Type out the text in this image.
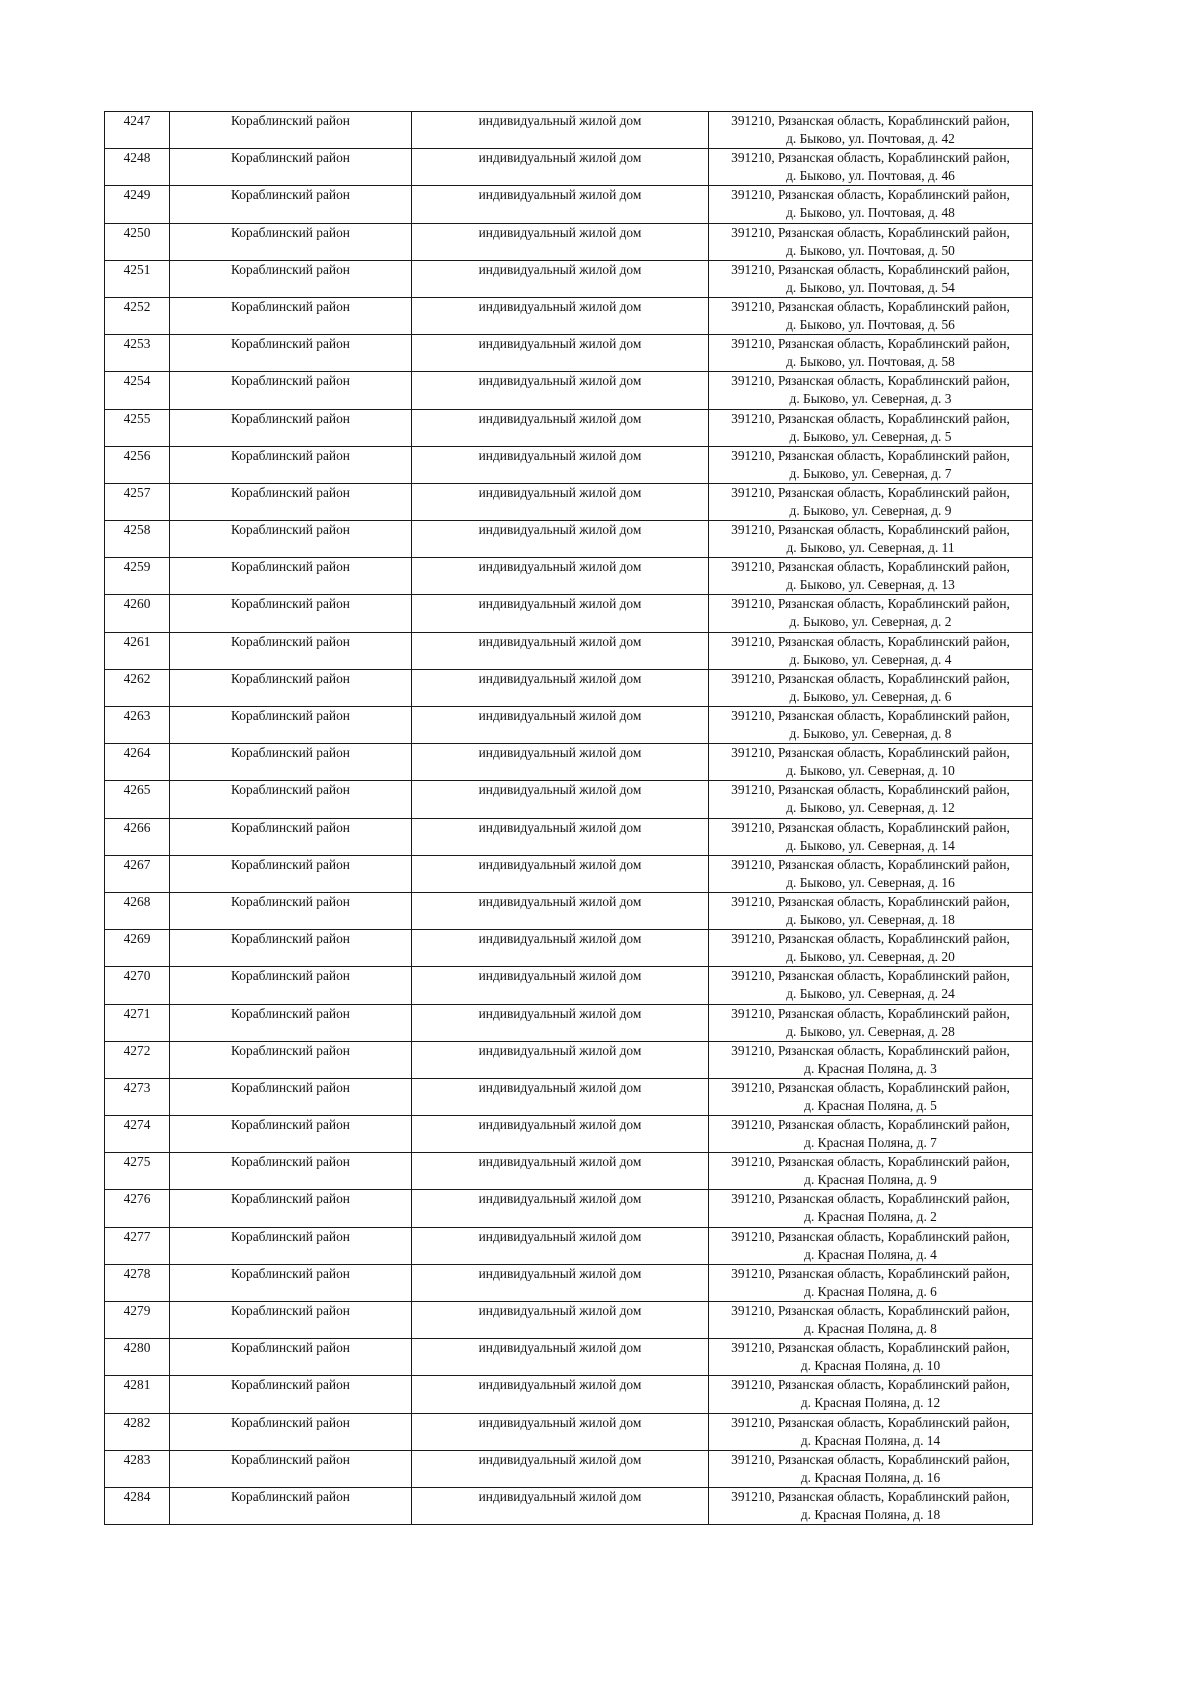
4247	Кораблинский район	индивидуальный жилой дом	391210, Рязанская область, Кораблинский район,
д. Быково, ул. Почтовая, д. 42

4248	Кораблинский район	индивидуальный жилой дом	391210, Рязанская область, Кораблинский район,
д. Быково, ул. Почтовая, д. 46

4249	Кораблинский район	индивидуальный жилой дом	391210, Рязанская область, Кораблинский район,
д. Быково, ул. Почтовая, д. 48

4250	Кораблинский район	индивидуальный жилой дом	391210, Рязанская область, Кораблинский район,
д. Быково, ул. Почтовая, д. 50

4251	Кораблинский район	индивидуальный жилой дом	391210, Рязанская область, Кораблинский район,
д. Быково, ул. Почтовая, д. 54

4252	Кораблинский район	индивидуальный жилой дом	391210, Рязанская область, Кораблинский район,
д. Быково, ул. Почтовая, д. 56

4253	Кораблинский район	индивидуальный жилой дом	391210, Рязанская область, Кораблинский район,
д. Быково, ул. Почтовая, д. 58

4254	Кораблинский район	индивидуальный жилой дом	391210, Рязанская область, Кораблинский район,
д. Быково, ул. Северная, д. 3

4255	Кораблинский район	индивидуальный жилой дом	391210, Рязанская область, Кораблинский район,
д. Быково, ул. Северная, д. 5

4256	Кораблинский район	индивидуальный жилой дом	391210, Рязанская область, Кораблинский район,
д. Быково, ул. Северная, д. 7

4257	Кораблинский район	индивидуальный жилой дом	391210, Рязанская область, Кораблинский район,
д. Быково, ул. Северная, д. 9

4258	Кораблинский район	индивидуальный жилой дом	391210, Рязанская область, Кораблинский район,
д. Быково, ул. Северная, д. 11

4259	Кораблинский район	индивидуальный жилой дом	391210, Рязанская область, Кораблинский район,
д. Быково, ул. Северная, д. 13

4260	Кораблинский район	индивидуальный жилой дом	391210, Рязанская область, Кораблинский район,
д. Быково, ул. Северная, д. 2

4261	Кораблинский район	индивидуальный жилой дом	391210, Рязанская область, Кораблинский район,
д. Быково, ул. Северная, д. 4

4262	Кораблинский район	индивидуальный жилой дом	391210, Рязанская область, Кораблинский район,
д. Быково, ул. Северная, д. 6

4263	Кораблинский район	индивидуальный жилой дом	391210, Рязанская область, Кораблинский район,
д. Быково, ул. Северная, д. 8

4264	Кораблинский район	индивидуальный жилой дом	391210, Рязанская область, Кораблинский район,
д. Быково, ул. Северная, д. 10

4265	Кораблинский район	индивидуальный жилой дом	391210, Рязанская область, Кораблинский район,
д. Быково, ул. Северная, д. 12

4266	Кораблинский район	индивидуальный жилой дом	391210, Рязанская область, Кораблинский район,
д. Быково, ул. Северная, д. 14

4267	Кораблинский район	индивидуальный жилой дом	391210, Рязанская область, Кораблинский район,
д. Быково, ул. Северная, д. 16

4268	Кораблинский район	индивидуальный жилой дом	391210, Рязанская область, Кораблинский район,
д. Быково, ул. Северная, д. 18

4269	Кораблинский район	индивидуальный жилой дом	391210, Рязанская область, Кораблинский район,
д. Быково, ул. Северная, д. 20

4270	Кораблинский район	индивидуальный жилой дом	391210, Рязанская область, Кораблинский район,
д. Быково, ул. Северная, д. 24

4271	Кораблинский район	индивидуальный жилой дом	391210, Рязанская область, Кораблинский район,
д. Быково, ул. Северная, д. 28

4272	Кораблинский район	индивидуальный жилой дом	391210, Рязанская область, Кораблинский район,
д. Красная Поляна, д. 3

4273	Кораблинский район	индивидуальный жилой дом	391210, Рязанская область, Кораблинский район,
д. Красная Поляна, д. 5

4274	Кораблинский район	индивидуальный жилой дом	391210, Рязанская область, Кораблинский район,
д. Красная Поляна, д. 7

4275	Кораблинский район	индивидуальный жилой дом	391210, Рязанская область, Кораблинский район,
д. Красная Поляна, д. 9

4276	Кораблинский район	индивидуальный жилой дом	391210, Рязанская область, Кораблинский район,
д. Красная Поляна, д. 2

4277	Кораблинский район	индивидуальный жилой дом	391210, Рязанская область, Кораблинский район,
д. Красная Поляна, д. 4

4278	Кораблинский район	индивидуальный жилой дом	391210, Рязанская область, Кораблинский район,
д. Красная Поляна, д. 6

4279	Кораблинский район	индивидуальный жилой дом	391210, Рязанская область, Кораблинский район,
д. Красная Поляна, д. 8

4280	Кораблинский район	индивидуальный жилой дом	391210, Рязанская область, Кораблинский район,
д. Красная Поляна, д. 10

4281	Кораблинский район	индивидуальный жилой дом	391210, Рязанская область, Кораблинский район,
д. Красная Поляна, д. 12

4282	Кораблинский район	индивидуальный жилой дом	391210, Рязанская область, Кораблинский район,
д. Красная Поляна, д. 14

4283	Кораблинский район	индивидуальный жилой дом	391210, Рязанская область, Кораблинский район,
д. Красная Поляна, д. 16

4284	Кораблинский район	индивидуальный жилой дом	391210, Рязанская область, Кораблинский район,
д. Красная Поляна, д. 18
